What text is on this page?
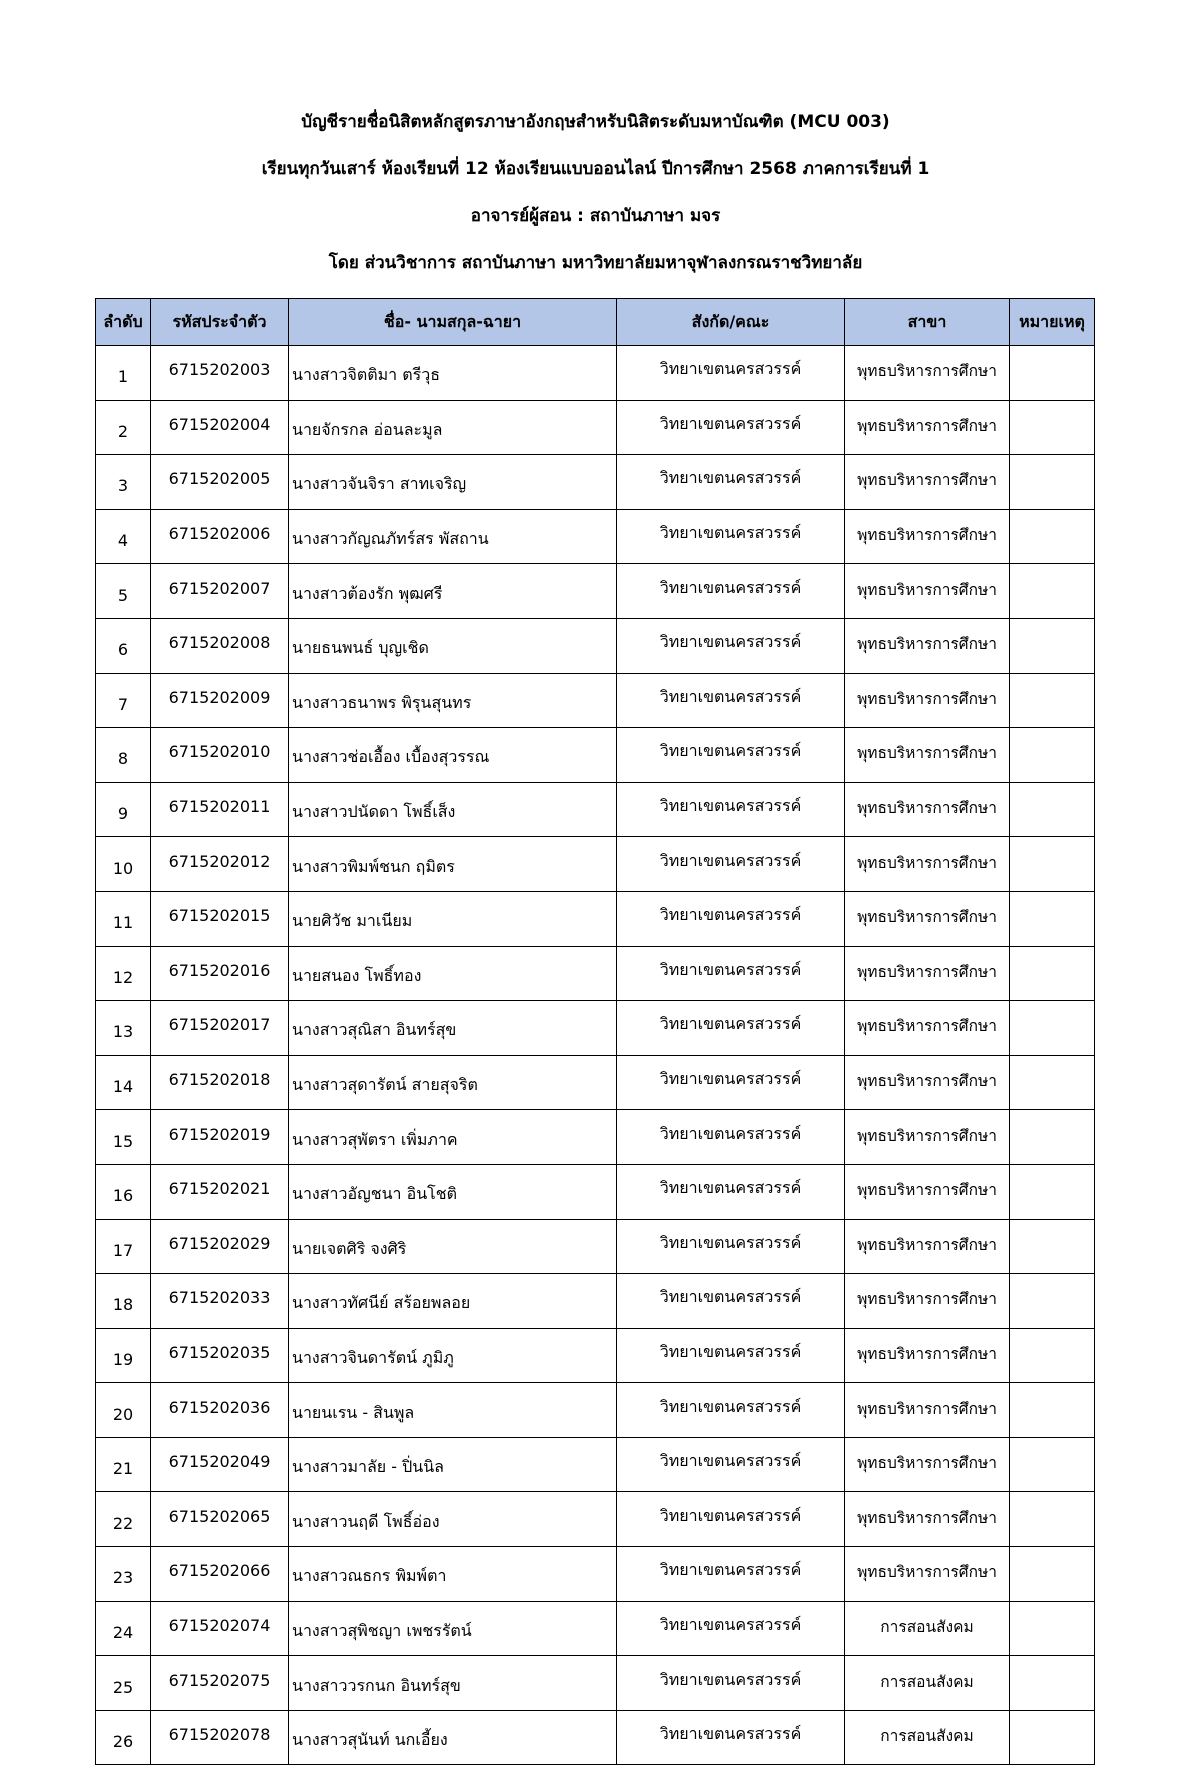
บัญชีรายชื่อนิสิตหลักสูตรภาษาอังกฤษสำหรับนิสิตระดับมหาบัณฑิต (MCU 003)
เรียนทุกวันเสาร์ ห้องเรียนที่ 12 ห้องเรียนแบบออนไลน์ ปีการศึกษา 2568 ภาคการเรียนที่ 1
อาจารย์ผู้สอน : สถาบันภาษา มจร
โดย ส่วนวิชาการ สถาบันภาษา มหาวิทยาลัยมหาจุฬาลงกรณราชวิทยาลัย
ลำดับ	รหัสประจำตัว	ชื่อ- นามสกุล-ฉายา	สังกัด/คณะ	สาขา	หมายเหตุ
1	6715202003	นางสาวจิตติมา ตรีวุธ	วิทยาเขตนครสวรรค์	พุทธบริหารการศึกษา	
2	6715202004	นายจักรกล อ่อนละมูล	วิทยาเขตนครสวรรค์	พุทธบริหารการศึกษา	
3	6715202005	นางสาวจันจิรา สาทเจริญ	วิทยาเขตนครสวรรค์	พุทธบริหารการศึกษา	
4	6715202006	นางสาวกัญณภัทร์สร พัสถาน	วิทยาเขตนครสวรรค์	พุทธบริหารการศึกษา	
5	6715202007	นางสาวต้องรัก พุฒศรี	วิทยาเขตนครสวรรค์	พุทธบริหารการศึกษา	
6	6715202008	นายธนพนธ์ บุญเชิด	วิทยาเขตนครสวรรค์	พุทธบริหารการศึกษา	
7	6715202009	นางสาวธนาพร พิรุนสุนทร	วิทยาเขตนครสวรรค์	พุทธบริหารการศึกษา	
8	6715202010	นางสาวช่อเอื้อง เบื้องสุวรรณ	วิทยาเขตนครสวรรค์	พุทธบริหารการศึกษา	
9	6715202011	นางสาวปนัดดา โพธิ์เส็ง	วิทยาเขตนครสวรรค์	พุทธบริหารการศึกษา	
10	6715202012	นางสาวพิมพ์ชนก ฤมิตร	วิทยาเขตนครสวรรค์	พุทธบริหารการศึกษา	
11	6715202015	นายศิวัช มาเนียม	วิทยาเขตนครสวรรค์	พุทธบริหารการศึกษา	
12	6715202016	นายสนอง โพธิ์ทอง	วิทยาเขตนครสวรรค์	พุทธบริหารการศึกษา	
13	6715202017	นางสาวสุณิสา อินทร์สุข	วิทยาเขตนครสวรรค์	พุทธบริหารการศึกษา	
14	6715202018	นางสาวสุดารัตน์ สายสุจริต	วิทยาเขตนครสวรรค์	พุทธบริหารการศึกษา	
15	6715202019	นางสาวสุพัตรา เพิ่มภาค	วิทยาเขตนครสวรรค์	พุทธบริหารการศึกษา	
16	6715202021	นางสาวอัญชนา อินโชติ	วิทยาเขตนครสวรรค์	พุทธบริหารการศึกษา	
17	6715202029	นายเจตศิริ จงศิริ	วิทยาเขตนครสวรรค์	พุทธบริหารการศึกษา	
18	6715202033	นางสาวทัศนีย์ สร้อยพลอย	วิทยาเขตนครสวรรค์	พุทธบริหารการศึกษา	
19	6715202035	นางสาวจินดารัตน์ ภูมิภู	วิทยาเขตนครสวรรค์	พุทธบริหารการศึกษา	
20	6715202036	นายนเรน - สินพูล	วิทยาเขตนครสวรรค์	พุทธบริหารการศึกษา	
21	6715202049	นางสาวมาลัย - ปิ่นนิล	วิทยาเขตนครสวรรค์	พุทธบริหารการศึกษา	
22	6715202065	นางสาวนฤดี โพธิ์อ่อง	วิทยาเขตนครสวรรค์	พุทธบริหารการศึกษา	
23	6715202066	นางสาวณธกร พิมพ์ตา	วิทยาเขตนครสวรรค์	พุทธบริหารการศึกษา	
24	6715202074	นางสาวสุพิชญา เพชรรัตน์	วิทยาเขตนครสวรรค์	การสอนสังคม	
25	6715202075	นางสาววรกนก อินทร์สุข	วิทยาเขตนครสวรรค์	การสอนสังคม	
26	6715202078	นางสาวสุนันท์ นกเอี้ยง	วิทยาเขตนครสวรรค์	การสอนสังคม	
